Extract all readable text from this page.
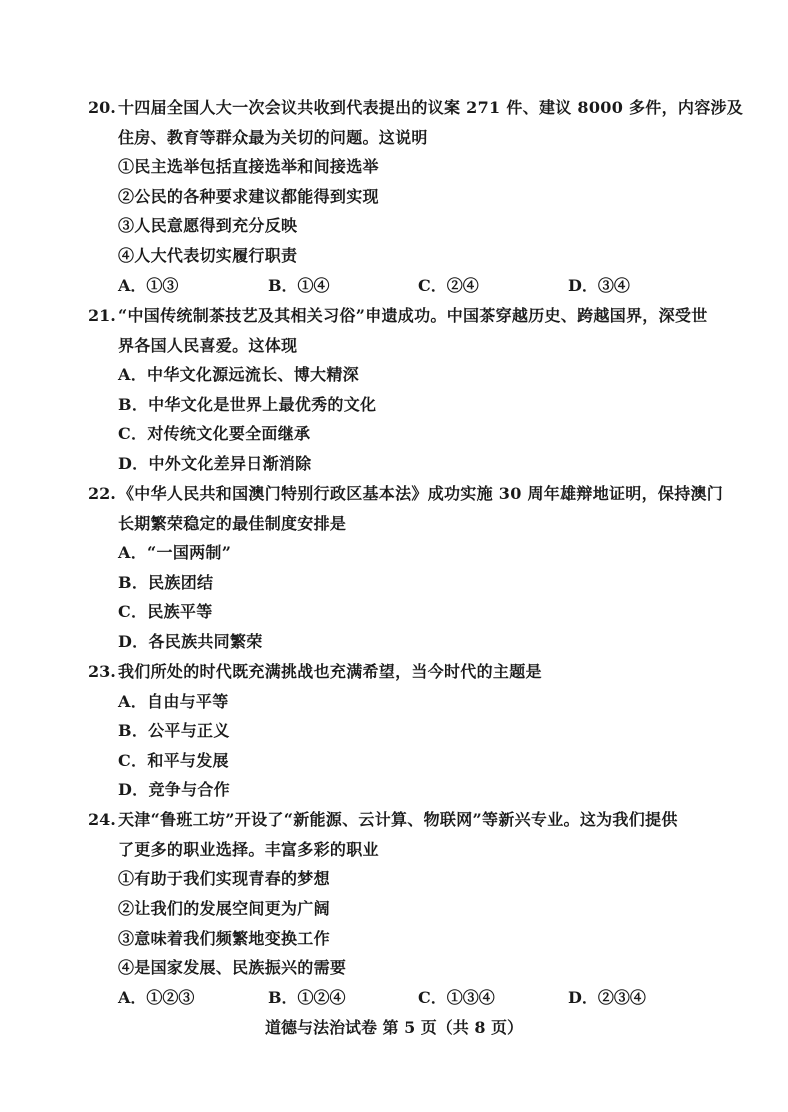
20. 十四届全国人大一次会议共收到代表提出的议案 271 件、建议 8000 多件，内容涉及
住房、教育等群众最为关切的问题。这说明
①民主选举包括直接选举和间接选举
②公民的各种要求建议都能得到实现
③人民意愿得到充分反映
④人大代表切实履行职责
A．①③	B．①④	C．②④	D．③④
21. “中国传统制茶技艺及其相关习俗”申遗成功。中国茶穿越历史、跨越国界，深受世
界各国人民喜爱。这体现
A．中华文化源远流长、博大精深
B．中华文化是世界上最优秀的文化
C．对传统文化要全面继承
D．中外文化差异日渐消除
22. 《中华人民共和国澳门特别行政区基本法》成功实施 30 周年雄辩地证明，保持澳门
长期繁荣稳定的最佳制度安排是
A．“一国两制”
B．民族团结
C．民族平等
D．各民族共同繁荣
23. 我们所处的时代既充满挑战也充满希望，当今时代的主题是
A．自由与平等
B．公平与正义
C．和平与发展
D．竞争与合作
24. 天津“鲁班工坊”开设了“新能源、云计算、物联网”等新兴专业。这为我们提供
了更多的职业选择。丰富多彩的职业
①有助于我们实现青春的梦想
②让我们的发展空间更为广阔
③意味着我们频繁地变换工作
④是国家发展、民族振兴的需要
A．①②③	B．①②④	C．①③④	D．②③④
道德与法治试卷 第 5 页（共 8 页）
